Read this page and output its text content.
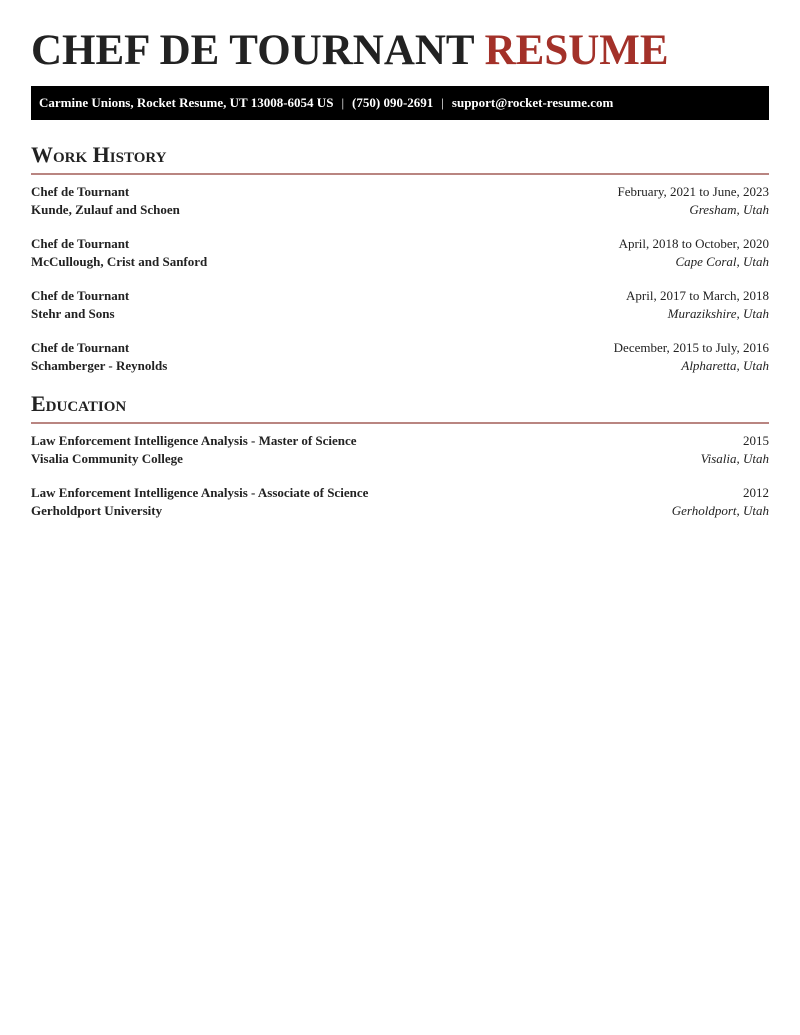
CHEF DE TOURNANT RESUME
Carmine Unions, Rocket Resume, UT 13008-6054 US | (750) 090-2691 | support@rocket-resume.com
Work History
Chef de Tournant
Kunde, Zulauf and Schoen
February, 2021 to June, 2023
Gresham, Utah
Chef de Tournant
McCullough, Crist and Sanford
April, 2018 to October, 2020
Cape Coral, Utah
Chef de Tournant
Stehr and Sons
April, 2017 to March, 2018
Murazikshire, Utah
Chef de Tournant
Schamberger - Reynolds
December, 2015 to July, 2016
Alpharetta, Utah
Education
Law Enforcement Intelligence Analysis - Master of Science
Visalia Community College
2015
Visalia, Utah
Law Enforcement Intelligence Analysis - Associate of Science
Gerholdport University
2012
Gerholdport, Utah
